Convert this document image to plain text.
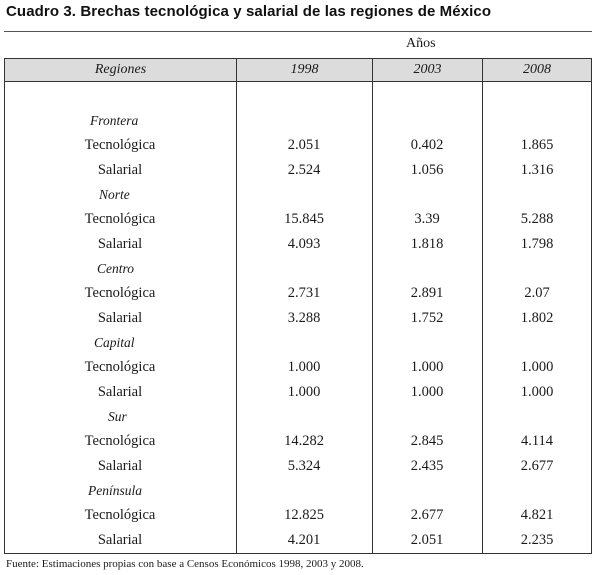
Cuadro 3. Brechas tecnológica y salarial de las regiones de México
Años
Regiones	1998	2003	2008
Frontera
Tecnológica	2.051	0.402	1.865
Salarial	2.524	1.056	1.316
Norte
Tecnológica	15.845	3.39	5.288
Salarial	4.093	1.818	1.798
Centro
Tecnológica	2.731	2.891	2.07
Salarial	3.288	1.752	1.802
Capital
Tecnológica	1.000	1.000	1.000
Salarial	1.000	1.000	1.000
Sur
Tecnológica	14.282	2.845	4.114
Salarial	5.324	2.435	2.677
Península
Tecnológica	12.825	2.677	4.821
Salarial	4.201	2.051	2.235
Fuente: Estimaciones propias con base a Censos Económicos 1998, 2003 y 2008.
